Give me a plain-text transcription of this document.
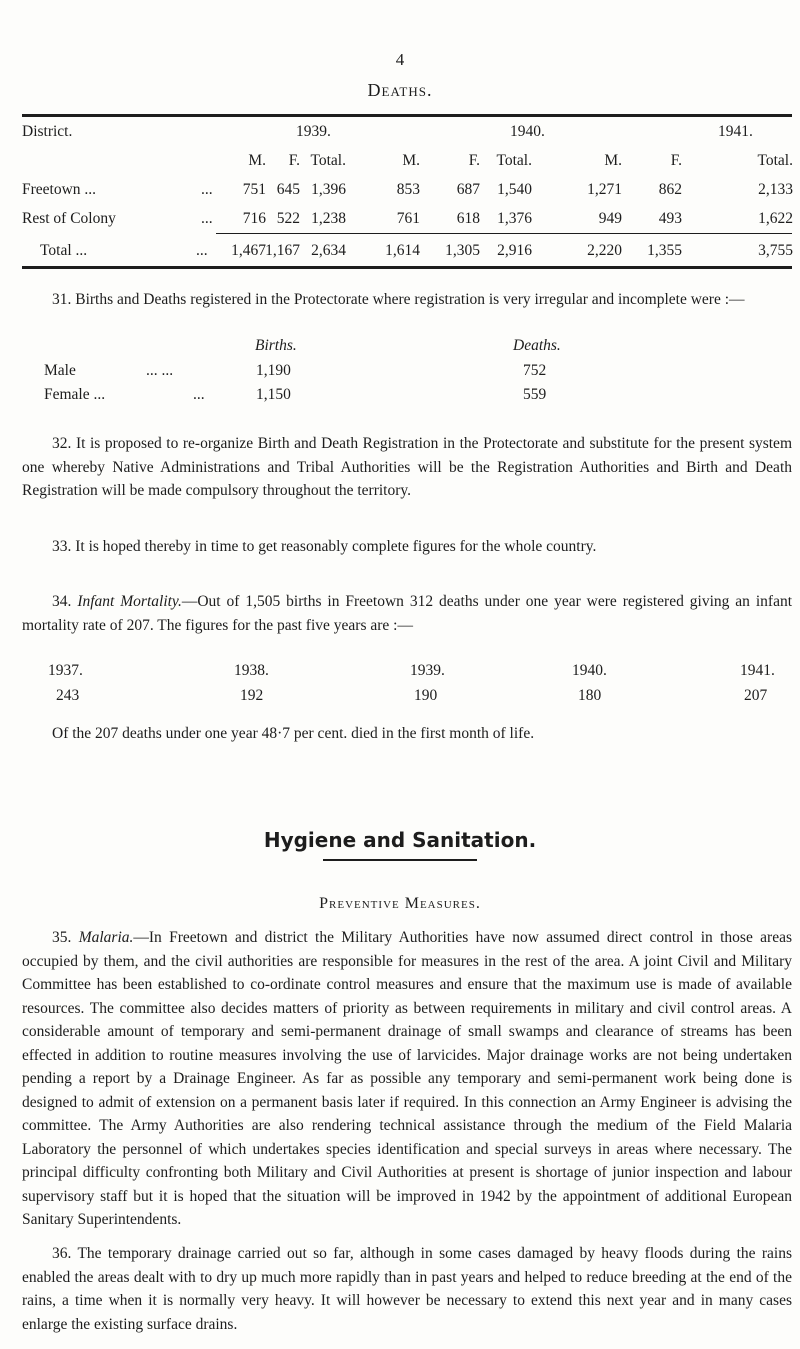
4
Deaths.
District.	1939.	1940.	1941.
M.	F. Total.	M.	F.	Total.	M.	F.	Total.
Freetown ...	...	751 645 1,396	853	687	1,540	1,271	862	2,133
Rest of Colony	...	716 522 1,238	761	618	1,376	949	493	1,622
Total ...	...	1,467 1,167 2,634	1,614	1,305	2,916	2,220	1,355	3,755

31. Births and Deaths registered in the Protectorate where registration is very irregular and incomplete were :—

Births.	Deaths.
Male	... ...	1,190	752
Female ...	...	1,150	559

32. It is proposed to re-organize Birth and Death Registration in the Protectorate and substitute for the present system one whereby Native Administrations and Tribal Authorities will be the Registration Authorities and Birth and Death Registration will be made compulsory throughout the territory.

33. It is hoped thereby in time to get reasonably complete figures for the whole country.

34. Infant Mortality.—Out of 1,505 births in Freetown 312 deaths under one year were registered giving an infant mortality rate of 207. The figures for the past five years are :—

1937.	1938.	1939.	1940.	1941.
243	192	190	180	207

Of the 207 deaths under one year 48·7 per cent. died in the first month of life.

Hygiene and Sanitation.
Preventive Measures.

35. Malaria.—In Freetown and district the Military Authorities have now assumed direct control in those areas occupied by them, and the civil authorities are responsible for measures in the rest of the area. A joint Civil and Military Committee has been established to co-ordinate control measures and ensure that the maximum use is made of available resources. The committee also decides matters of priority as between requirements in military and civil control areas. A considerable amount of temporary and semi-permanent drainage of small swamps and clearance of streams has been effected in addition to routine measures involving the use of larvicides. Major drainage works are not being undertaken pending a report by a Drainage Engineer. As far as possible any temporary and semi-permanent work being done is designed to admit of extension on a permanent basis later if required. In this connection an Army Engineer is advising the committee. The Army Authorities are also rendering technical assistance through the medium of the Field Malaria Laboratory the personnel of which undertakes species identification and special surveys in areas where necessary. The principal difficulty confronting both Military and Civil Authorities at present is shortage of junior inspection and labour supervisory staff but it is hoped that the situation will be improved in 1942 by the appointment of additional European Sanitary Superintendents.

36. The temporary drainage carried out so far, although in some cases damaged by heavy floods during the rains enabled the areas dealt with to dry up much more rapidly than in past years and helped to reduce breeding at the end of the rains, a time when it is normally very heavy. It will however be necessary to extend this next year and in many cases enlarge the existing surface drains.
